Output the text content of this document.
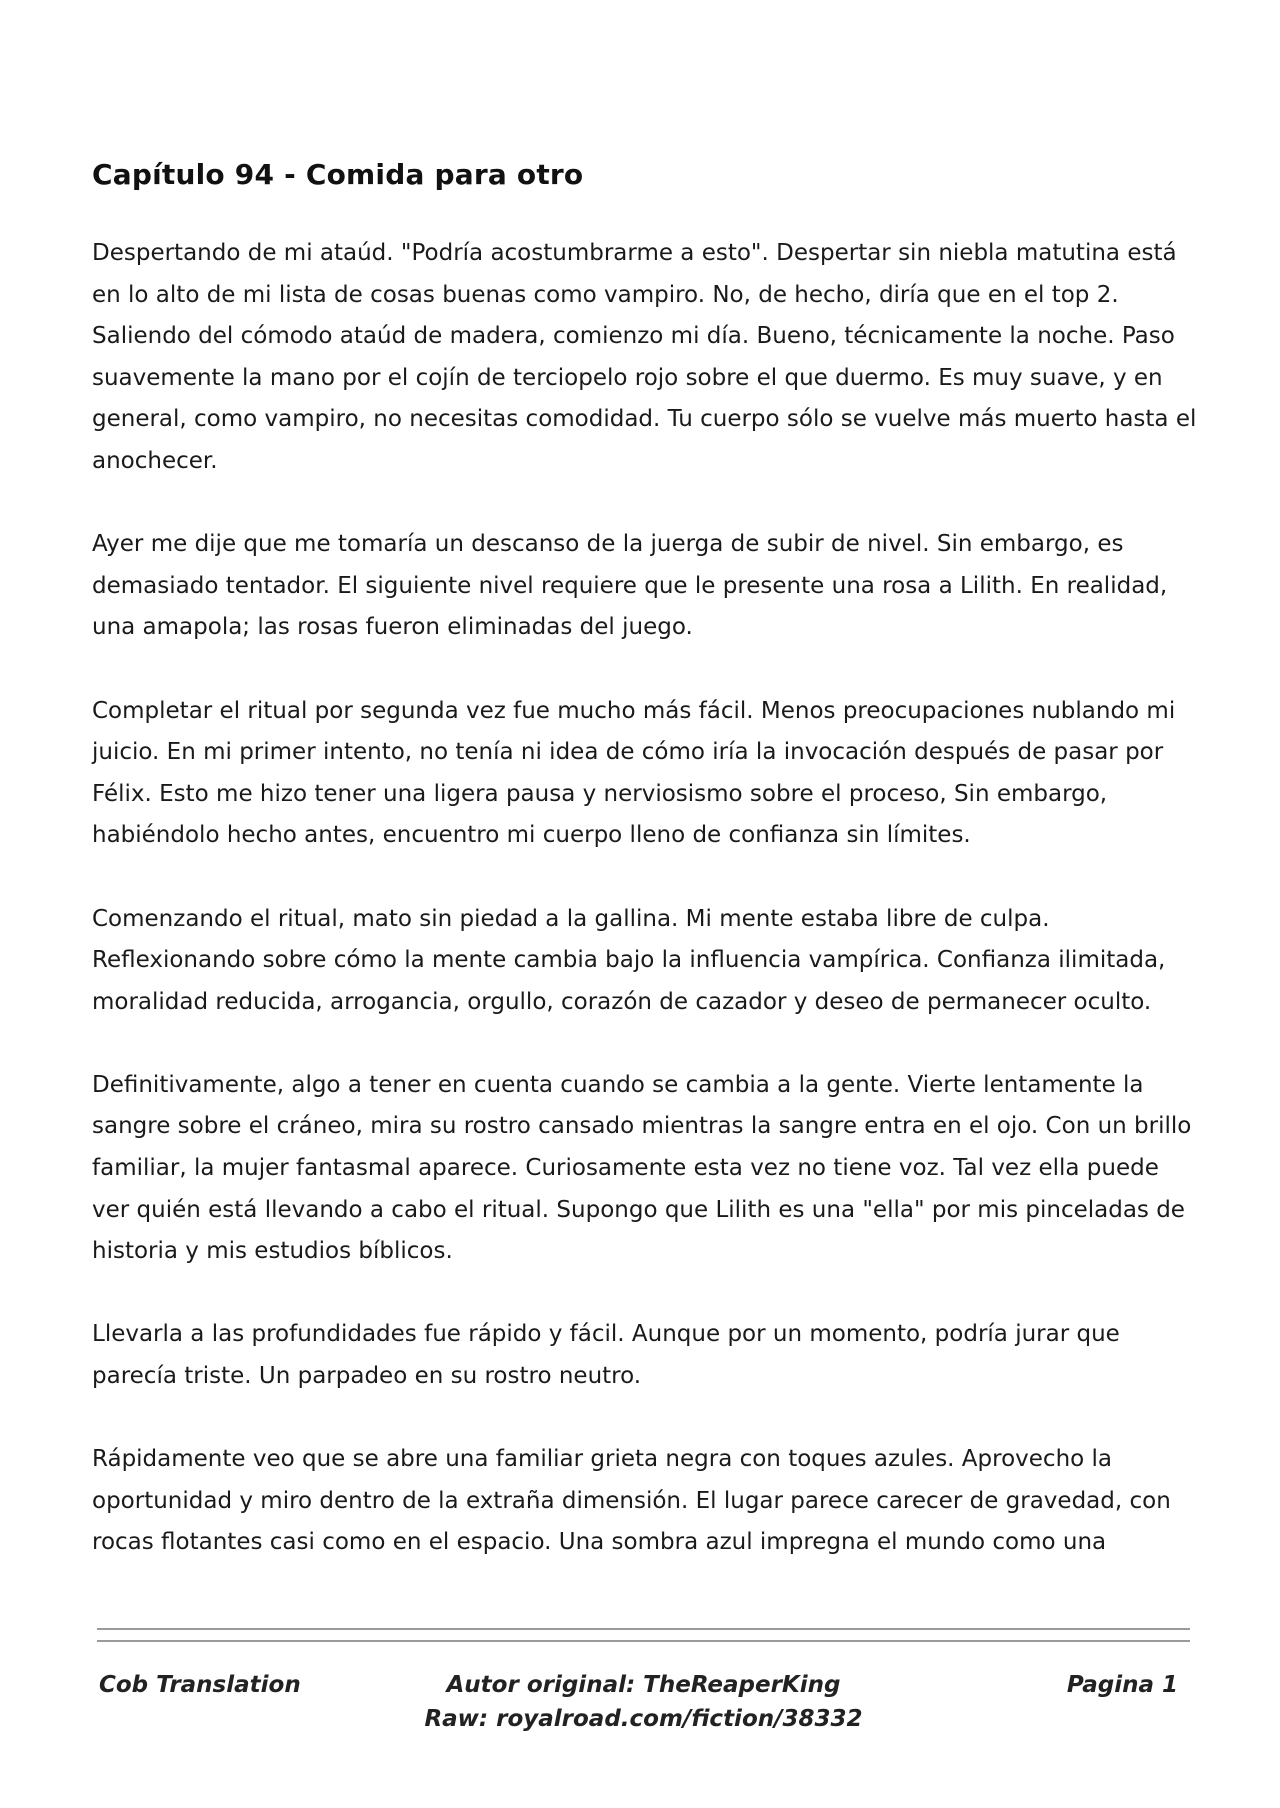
Capítulo 94 - Comida para otro

Despertando de mi ataúd. "Podría acostumbrarme a esto". Despertar sin niebla matutina está en lo alto de mi lista de cosas buenas como vampiro. No, de hecho, diría que en el top 2. Saliendo del cómodo ataúd de madera, comienzo mi día. Bueno, técnicamente la noche. Paso suavemente la mano por el cojín de terciopelo rojo sobre el que duermo. Es muy suave, y en general, como vampiro, no necesitas comodidad. Tu cuerpo sólo se vuelve más muerto hasta el anochecer.

Ayer me dije que me tomaría un descanso de la juerga de subir de nivel. Sin embargo, es demasiado tentador. El siguiente nivel requiere que le presente una rosa a Lilith. En realidad, una amapola; las rosas fueron eliminadas del juego.

Completar el ritual por segunda vez fue mucho más fácil. Menos preocupaciones nublando mi juicio. En mi primer intento, no tenía ni idea de cómo iría la invocación después de pasar por Félix. Esto me hizo tener una ligera pausa y nerviosismo sobre el proceso, Sin embargo, habiéndolo hecho antes, encuentro mi cuerpo lleno de confianza sin límites.

Comenzando el ritual, mato sin piedad a la gallina. Mi mente estaba libre de culpa. Reflexionando sobre cómo la mente cambia bajo la influencia vampírica. Confianza ilimitada, moralidad reducida, arrogancia, orgullo, corazón de cazador y deseo de permanecer oculto.

Definitivamente, algo a tener en cuenta cuando se cambia a la gente. Vierte lentamente la sangre sobre el cráneo, mira su rostro cansado mientras la sangre entra en el ojo. Con un brillo familiar, la mujer fantasmal aparece. Curiosamente esta vez no tiene voz. Tal vez ella puede ver quién está llevando a cabo el ritual. Supongo que Lilith es una "ella" por mis pinceladas de historia y mis estudios bíblicos.

Llevarla a las profundidades fue rápido y fácil. Aunque por un momento, podría jurar que parecía triste. Un parpadeo en su rostro neutro.

Rápidamente veo que se abre una familiar grieta negra con toques azules. Aprovecho la oportunidad y miro dentro de la extraña dimensión. El lugar parece carecer de gravedad, con rocas flotantes casi como en el espacio. Una sombra azul impregna el mundo como una

Cob Translation	Autor original: TheReaperKing
Raw: royalroad.com/fiction/38332
Pagina 1
